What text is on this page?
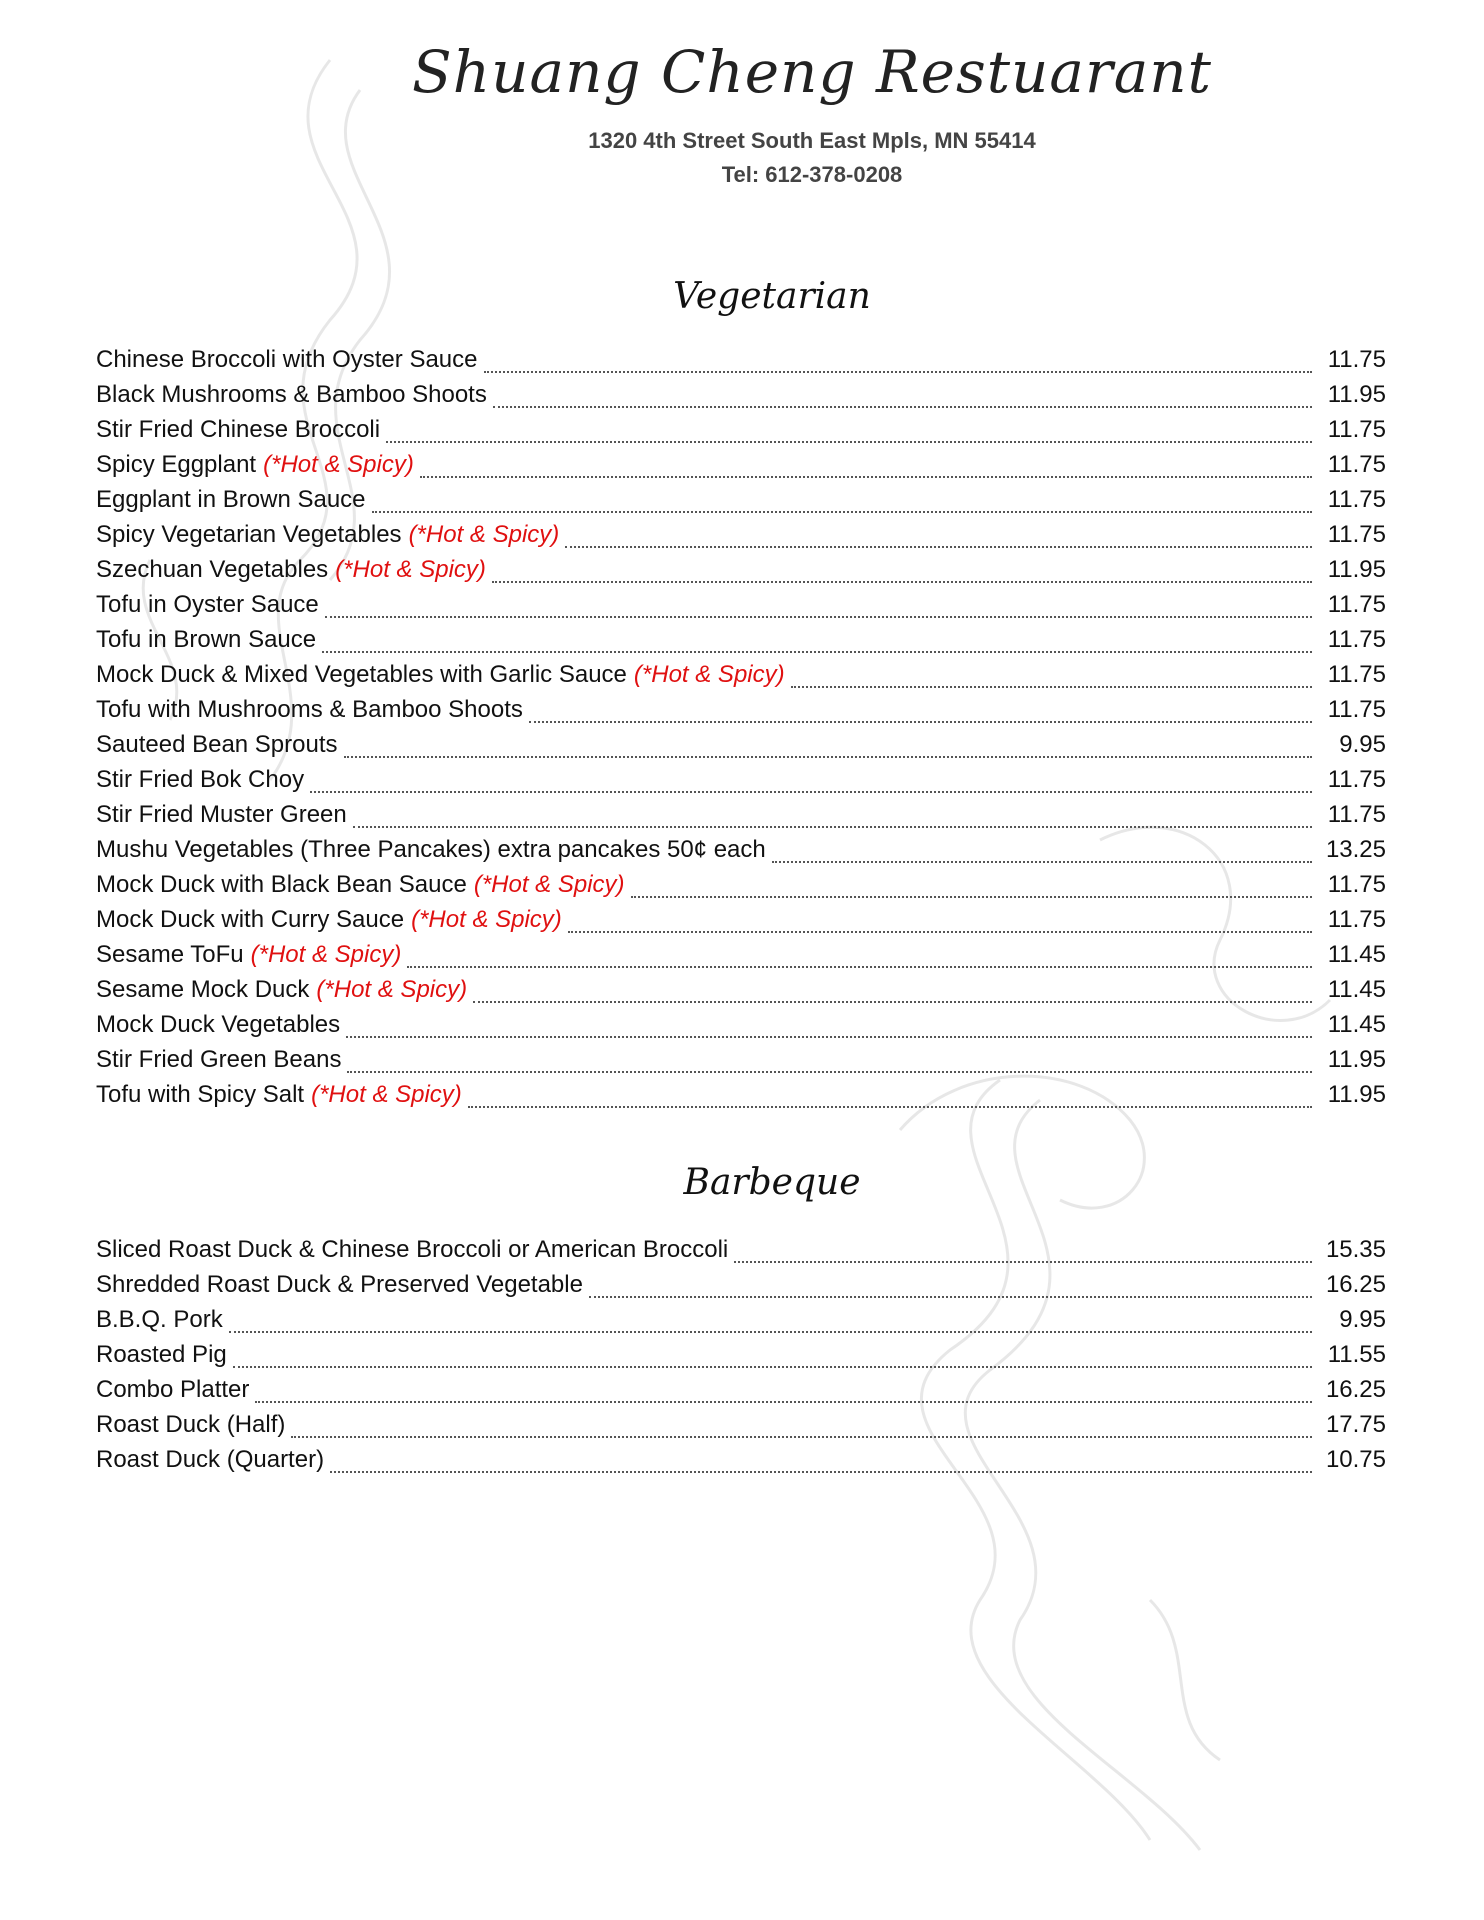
Shuang Cheng Restuarant
1320 4th Street South East Mpls, MN 55414
Tel: 612-378-0208
Vegetarian
Chinese Broccoli with Oyster Sauce	11.75
Black Mushrooms & Bamboo Shoots	11.95
Stir Fried Chinese Broccoli	11.75
Spicy Eggplant (*Hot & Spicy)	11.75
Eggplant in Brown Sauce	11.75
Spicy Vegetarian Vegetables (*Hot & Spicy)	11.75
Szechuan Vegetables (*Hot & Spicy)	11.95
Tofu in Oyster Sauce	11.75
Tofu in Brown Sauce	11.75
Mock Duck & Mixed Vegetables with Garlic Sauce (*Hot & Spicy)	11.75
Tofu with Mushrooms & Bamboo Shoots	11.75
Sauteed Bean Sprouts	9.95
Stir Fried Bok Choy	11.75
Stir Fried Muster Green	11.75
Mushu Vegetables (Three Pancakes) extra pancakes 50¢ each	13.25
Mock Duck with Black Bean Sauce (*Hot & Spicy)	11.75
Mock Duck with Curry Sauce (*Hot & Spicy)	11.75
Sesame ToFu (*Hot & Spicy)	11.45
Sesame Mock Duck (*Hot & Spicy)	11.45
Mock Duck Vegetables	11.45
Stir Fried Green Beans	11.95
Tofu with Spicy Salt (*Hot & Spicy)	11.95
Barbeque
Sliced Roast Duck & Chinese Broccoli or American Broccoli	15.35
Shredded Roast Duck & Preserved Vegetable	16.25
B.B.Q. Pork	9.95
Roasted Pig	11.55
Combo Platter	16.25
Roast Duck (Half)	17.75
Roast Duck (Quarter)	10.75
